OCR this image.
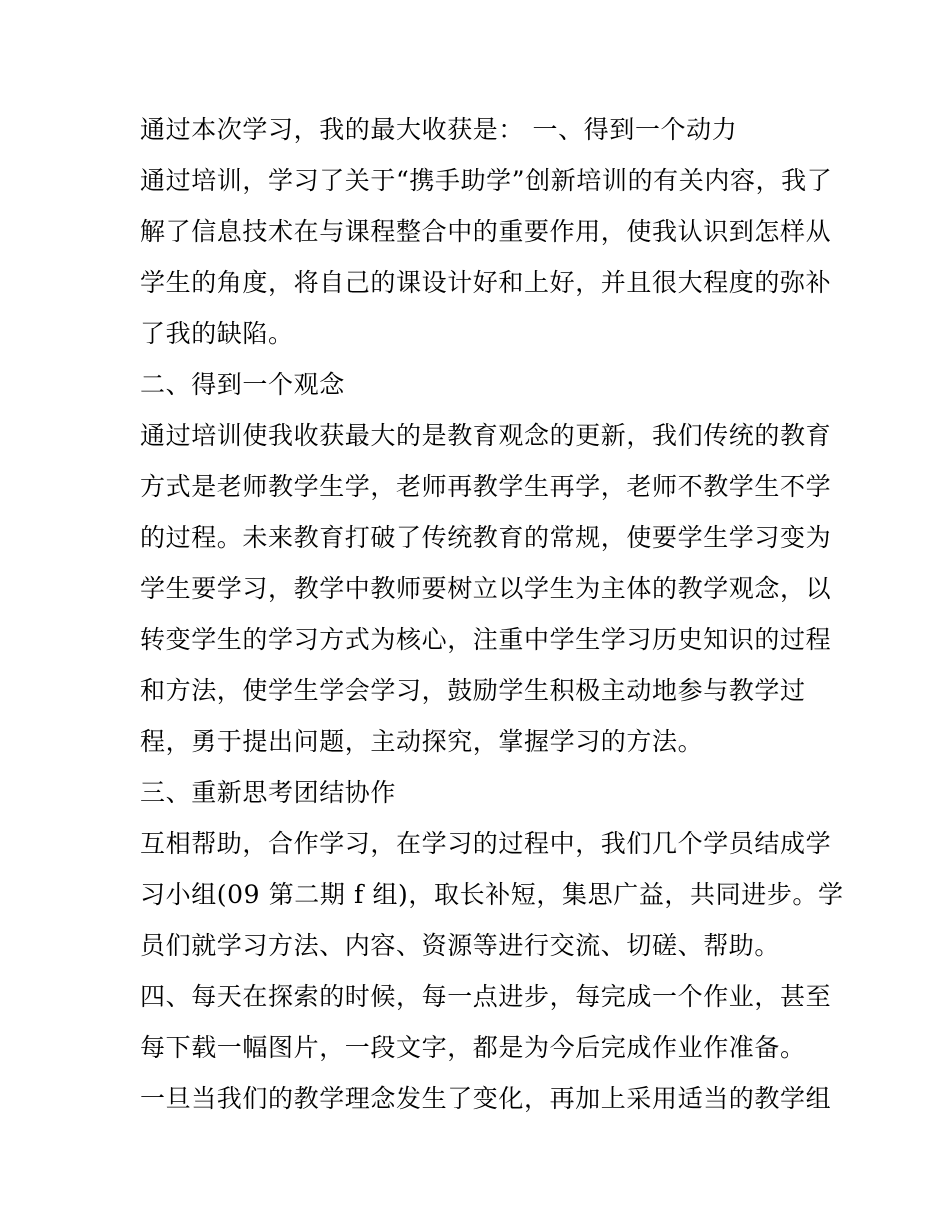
通过本次学习，我的最大收获是： 一、得到一个动力
通过培训，学习了关于“携手助学”创新培训的有关内容，我了
解了信息技术在与课程整合中的重要作用，使我认识到怎样从
学生的角度，将自己的课设计好和上好，并且很大程度的弥补
了我的缺陷。
二、得到一个观念
通过培训使我收获最大的是教育观念的更新，我们传统的教育
方式是老师教学生学，老师再教学生再学，老师不教学生不学
的过程。未来教育打破了传统教育的常规，使要学生学习变为
学生要学习，教学中教师要树立以学生为主体的教学观念，以
转变学生的学习方式为核心，注重中学生学习历史知识的过程
和方法，使学生学会学习，鼓励学生积极主动地参与教学过
程，勇于提出问题，主动探究，掌握学习的方法。
三、重新思考团结协作
互相帮助，合作学习，在学习的过程中，我们几个学员结成学
习小组(09 第二期 f 组)，取长补短，集思广益，共同进步。学
员们就学习方法、内容、资源等进行交流、切磋、帮助。
四、每天在探索的时候，每一点进步，每完成一个作业，甚至
每下载一幅图片，一段文字，都是为今后完成作业作准备。
一旦当我们的教学理念发生了变化，再加上采用适当的教学组
